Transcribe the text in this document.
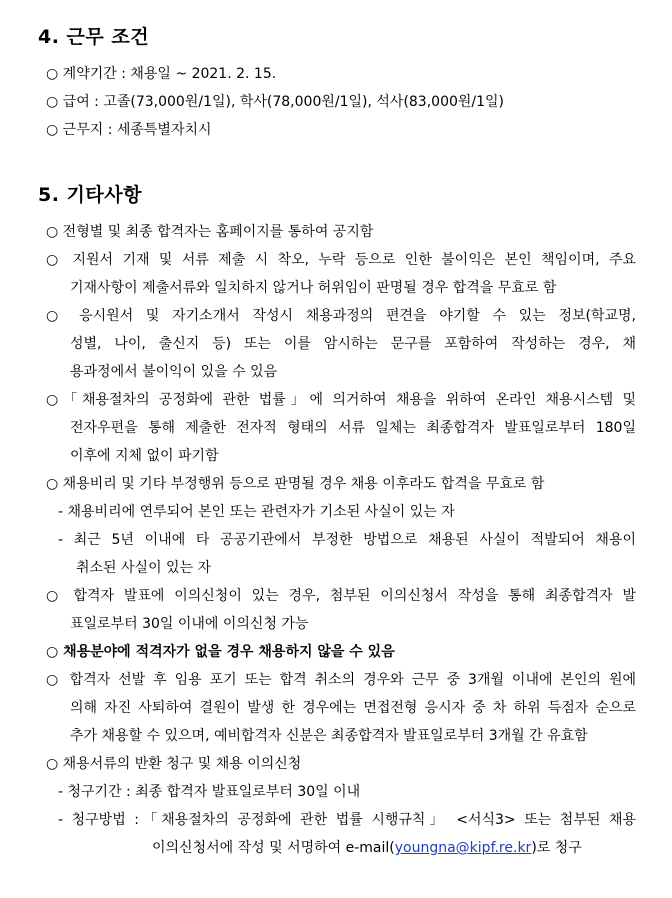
4. 근무 조건
○ 계약기간 : 채용일 ~ 2021. 2. 15.
○ 급여 : 고졸(73,000원/1일), 학사(78,000원/1일), 석사(83,000원/1일)
○ 근무지 : 세종특별자치시
5. 기타사항
○ 전형별 및 최종 합격자는 홈페이지를 통하여 공지함
○ 지원서 기재 및 서류 제출 시 착오, 누락 등으로 인한 불이익은 본인 책임이며, 주요
기재사항이 제출서류와 일치하지 않거나 허위임이 판명될 경우 합격을 무효로 함
○ 응시원서 및 자기소개서 작성시 채용과정의 편견을 야기할 수 있는 정보(학교명,
성별, 나이, 출신지 등) 또는 이를 암시하는 문구를 포함하여 작성하는 경우, 채
용과정에서 불이익이 있을 수 있음
○「채용절차의 공정화에 관한 법률」에 의거하여 채용을 위하여 온라인 채용시스템 및
전자우편을 통해 제출한 전자적 형태의 서류 일체는 최종합격자 발표일로부터 180일
이후에 지체 없이 파기함
○ 채용비리 및 기타 부정행위 등으로 판명될 경우 채용 이후라도 합격을 무효로 함
- 채용비리에 연루되어 본인 또는 관련자가 기소된 사실이 있는 자
- 최근 5년 이내에 타 공공기관에서 부정한 방법으로 채용된 사실이 적발되어 채용이
취소된 사실이 있는 자
○ 합격자 발표에 이의신청이 있는 경우, 첨부된 이의신청서 작성을 통해 최종합격자 발
표일로부터 30일 이내에 이의신청 가능
○ 채용분야에 적격자가 없을 경우 채용하지 않을 수 있음
○ 합격자 선발 후 임용 포기 또는 합격 취소의 경우와 근무 중 3개월 이내에 본인의 원에
의해 자진 사퇴하여 결원이 발생 한 경우에는 면접전형 응시자 중 차 하위 득점자 순으로
추가 채용할 수 있으며, 예비합격자 신분은 최종합격자 발표일로부터 3개월 간 유효함
○ 채용서류의 반환 청구 및 채용 이의신청
- 청구기간 : 최종 합격자 발표일로부터 30일 이내
- 청구방법 :「채용절차의 공정화에 관한 법률 시행규칙」 <서식3> 또는 첨부된 채용
이의신청서에 작성 및 서명하여 e-mail(youngna@kipf.re.kr)로 청구
